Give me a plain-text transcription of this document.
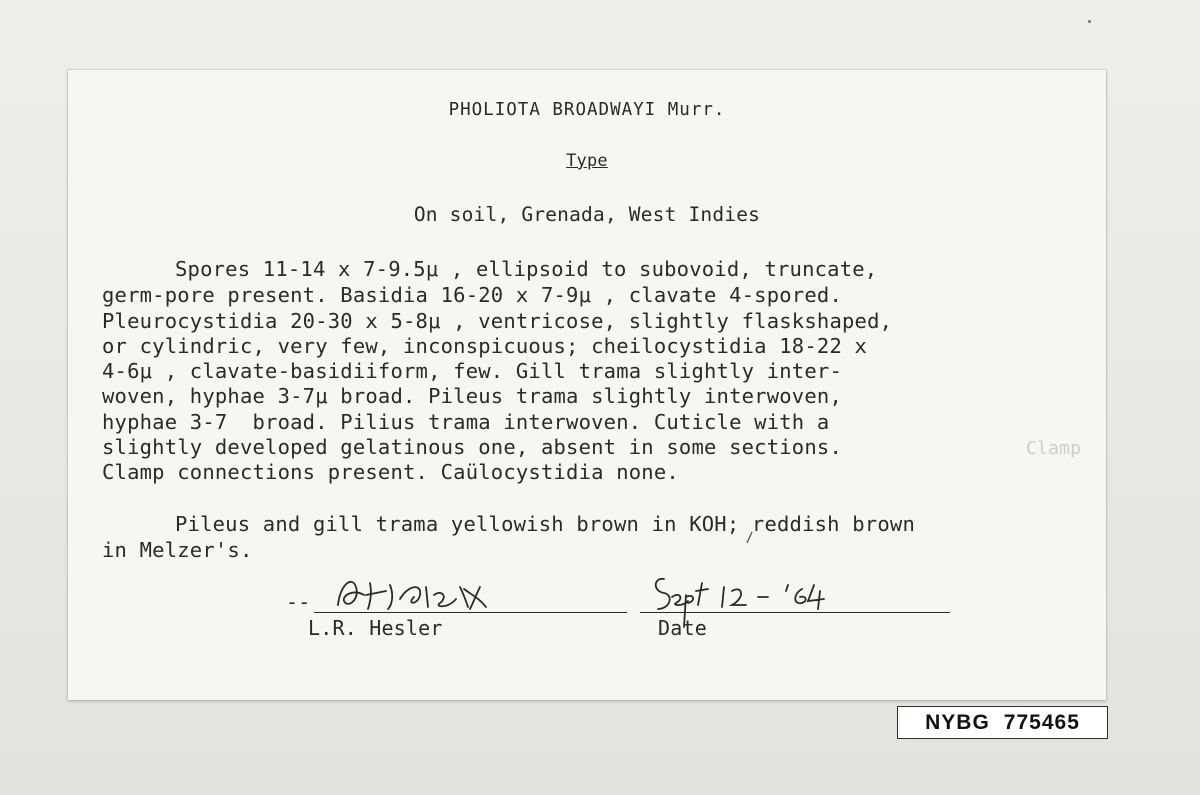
PHOLIOTA BROADWAYI Murr.
Type
On soil, Grenada, West Indies
Spores 11-14 x 7-9.5μ , ellipsoid to subovoid, truncate,
germ-pore present. Basidia 16-20 x 7-9μ , clavate 4-spored.
Pleurocystidia 20-30 x 5-8μ , ventricose, slightly flaskshaped,
or cylindric, very few, inconspicuous; cheilocystidia 18-22 x
4-6μ , clavate-basidiiform, few. Gill trama slightly inter-
woven, hyphae 3-7μ broad. Pileus trama slightly interwoven,
hyphae 3-7  broad. Pilius trama interwoven. Cuticle with a
slightly developed gelatinous one, absent in some sections.	Clamp
Clamp connections present. Caülocystidia none.
Pileus and gill trama yellowish brown in KOH; reddish brown
in Melzer's.
--
L.R. Hesler	Date
NYBG 775465
